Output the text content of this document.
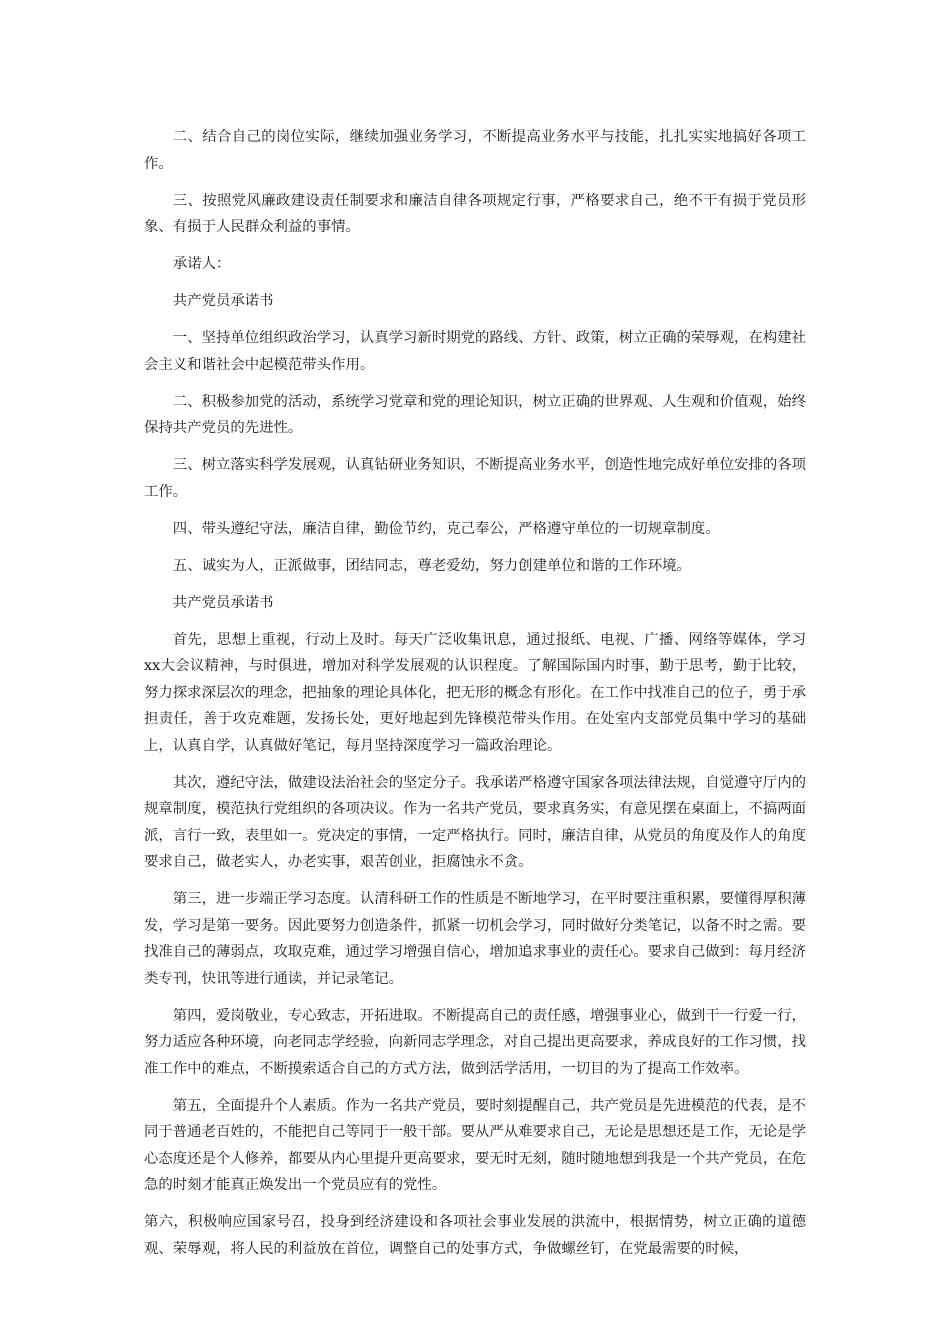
二、结合自己的岗位实际，继续加强业务学习，不断提高业务水平与技能，扎扎实实地搞好各项工作。

三、按照党风廉政建设责任制要求和廉洁自律各项规定行事，严格要求自己，绝不干有损于党员形象、有损于人民群众利益的事情。

承诺人：

共产党员承诺书

一、坚持单位组织政治学习，认真学习新时期党的路线、方针、政策，树立正确的荣辱观，在构建社会主义和谐社会中起模范带头作用。

二、积极参加党的活动，系统学习党章和党的理论知识，树立正确的世界观、人生观和价值观，始终保持共产党员的先进性。

三、树立落实科学发展观，认真钻研业务知识，不断提高业务水平，创造性地完成好单位安排的各项工作。

四、带头遵纪守法，廉洁自律，勤俭节约，克己奉公，严格遵守单位的一切规章制度。

五、诚实为人，正派做事，团结同志，尊老爱幼，努力创建单位和谐的工作环境。

共产党员承诺书

首先，思想上重视，行动上及时。每天广泛收集讯息，通过报纸、电视、广播、网络等媒体，学习xx大会议精神，与时俱进，增加对科学发展观的认识程度。了解国际国内时事，勤于思考，勤于比较，努力探求深层次的理念，把抽象的理论具体化，把无形的概念有形化。在工作中找准自己的位子，勇于承担责任，善于攻克难题，发扬长处，更好地起到先锋模范带头作用。在处室内支部党员集中学习的基础上，认真自学，认真做好笔记，每月坚持深度学习一篇政治理论。

其次，遵纪守法，做建设法治社会的坚定分子。我承诺严格遵守国家各项法律法规，自觉遵守厅内的规章制度，模范执行党组织的各项决议。作为一名共产党员，要求真务实，有意见摆在桌面上，不搞两面派，言行一致，表里如一。党决定的事情，一定严格执行。同时，廉洁自律，从党员的角度及作人的角度要求自己，做老实人，办老实事，艰苦创业，拒腐蚀永不贪。

第三，进一步端正学习态度。认清科研工作的性质是不断地学习，在平时要注重积累，要懂得厚积薄发，学习是第一要务。因此要努力创造条件，抓紧一切机会学习，同时做好分类笔记，以备不时之需。要找准自己的薄弱点，攻取克难，通过学习增强自信心，增加追求事业的责任心。要求自己做到：每月经济类专刊，快讯等进行通读，并记录笔记。

第四，爱岗敬业，专心致志，开拓进取。不断提高自己的责任感，增强事业心，做到干一行爱一行，努力适应各种环境，向老同志学经验，向新同志学理念，对自己提出更高要求，养成良好的工作习惯，找准工作中的难点，不断摸索适合自己的方式方法，做到活学活用，一切目的为了提高工作效率。

第五，全面提升个人素质。作为一名共产党员，要时刻提醒自己，共产党员是先进模范的代表，是不同于普通老百姓的，不能把自己等同于一般干部。要从严从难要求自己，无论是思想还是工作，无论是学心态度还是个人修养，都要从内心里提升更高要求，要无时无刻，随时随地想到我是一个共产党员，在危急的时刻才能真正焕发出一个党员应有的党性。

第六，积极响应国家号召，投身到经济建设和各项社会事业发展的洪流中，根据情势，树立正确的道德观、荣辱观，将人民的利益放在首位，调整自己的处事方式，争做螺丝钉，在党最需要的时候，
